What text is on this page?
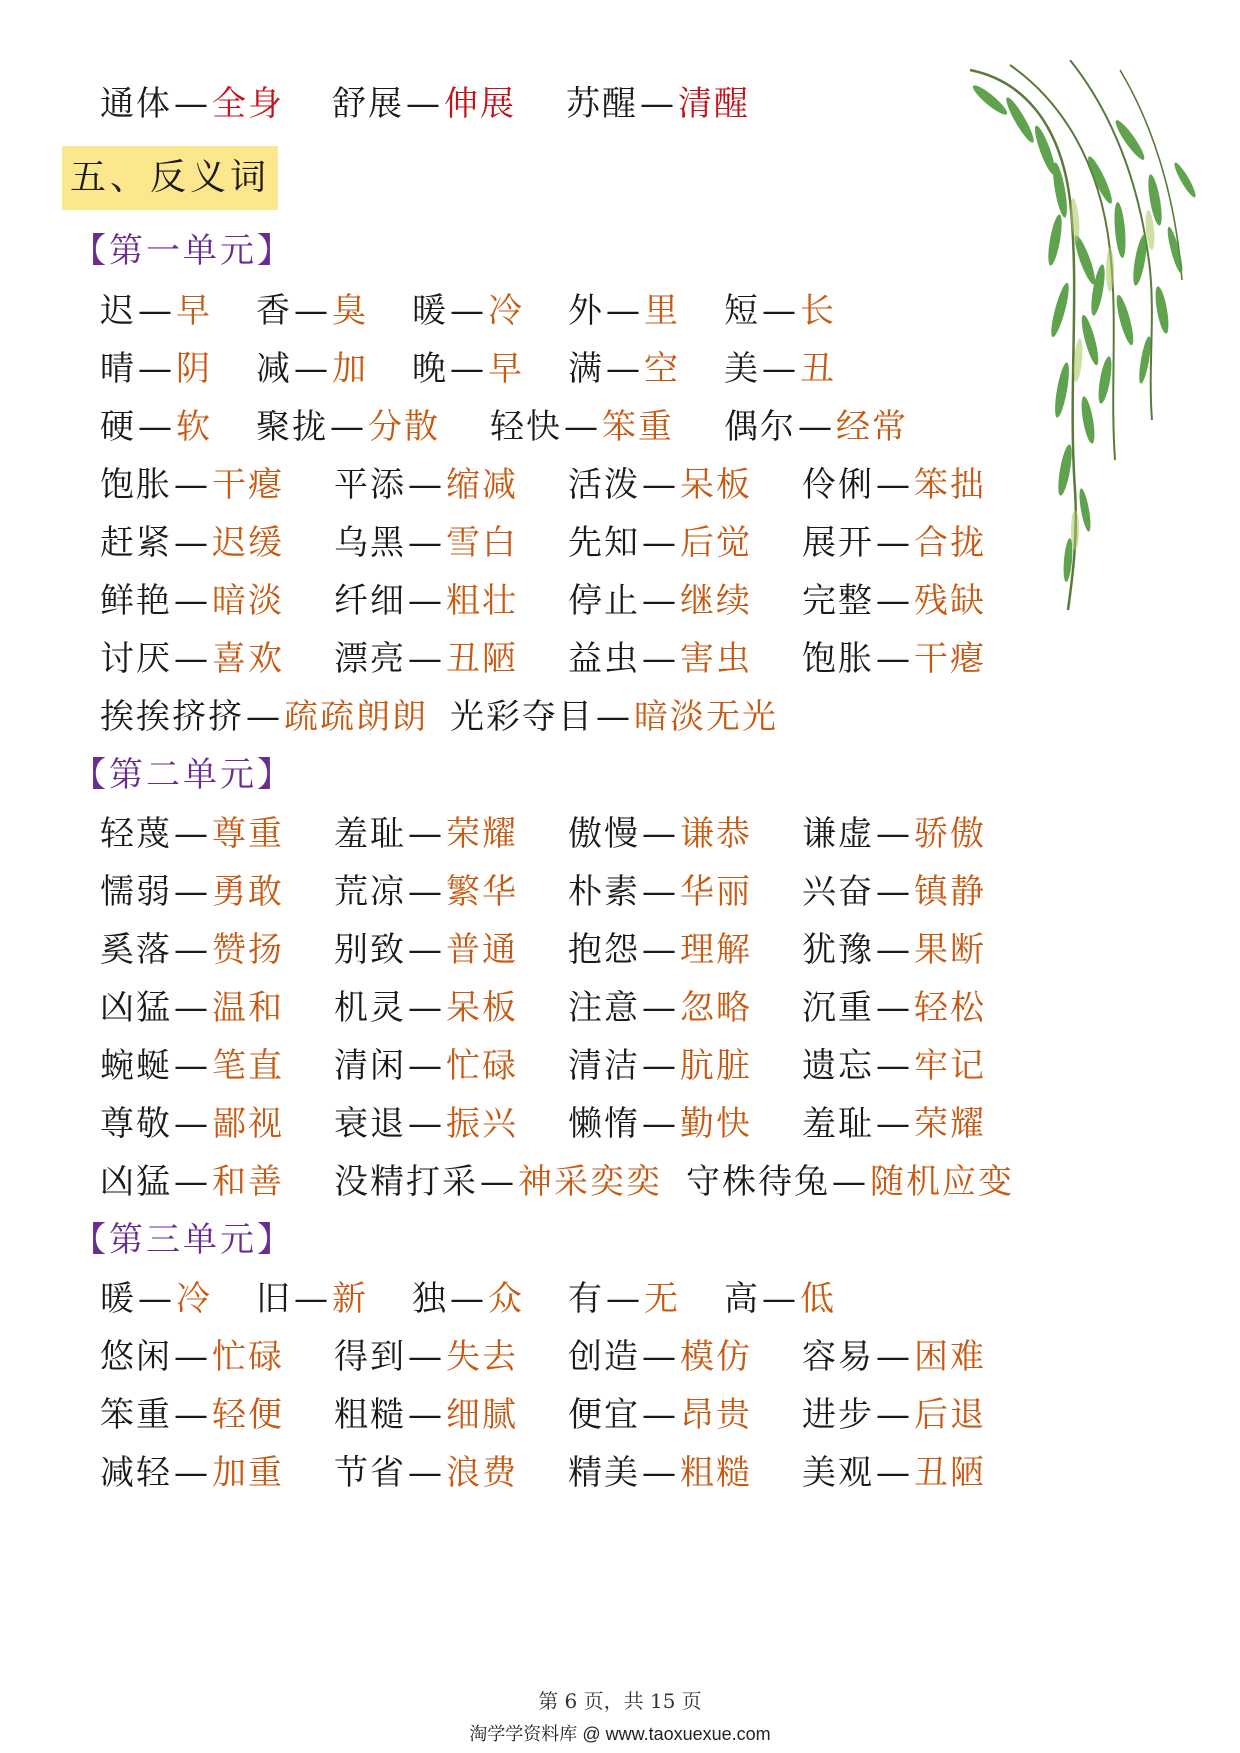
通体—全身 舒展—伸展 苏醒—清醒
五、反义词
【第一单元】
迟—早 香—臭 暖—冷 外—里 短—长
晴—阴 减—加 晚—早 满—空 美—丑
硬—软 聚拢—分散 轻快—笨重 偶尔—经常
饱胀—干瘪 平添—缩减 活泼—呆板 伶俐—笨拙
赶紧—迟缓 乌黑—雪白 先知—后觉 展开—合拢
鲜艳—暗淡 纤细—粗壮 停止—继续 完整—残缺
讨厌—喜欢 漂亮—丑陋 益虫—害虫 饱胀—干瘪
挨挨挤挤—疏疏朗朗 光彩夺目—暗淡无光
【第二单元】
轻蔑—尊重 羞耻—荣耀 傲慢—谦恭 谦虚—骄傲
懦弱—勇敢 荒凉—繁华 朴素—华丽 兴奋—镇静
奚落—赞扬 别致—普通 抱怨—理解 犹豫—果断
凶猛—温和 机灵—呆板 注意—忽略 沉重—轻松
蜿蜒—笔直 清闲—忙碌 清洁—肮脏 遗忘—牢记
尊敬—鄙视 衰退—振兴 懒惰—勤快 羞耻—荣耀
凶猛—和善 没精打采—神采奕奕 守株待兔—随机应变
【第三单元】
暖—冷 旧—新 独—众 有—无 高—低
悠闲—忙碌 得到—失去 创造—模仿 容易—困难
笨重—轻便 粗糙—细腻 便宜—昂贵 进步—后退
减轻—加重 节省—浪费 精美—粗糙 美观—丑陋
第 6 页，共 15 页
淘学学资料库 @ www.taoxuexue.com
